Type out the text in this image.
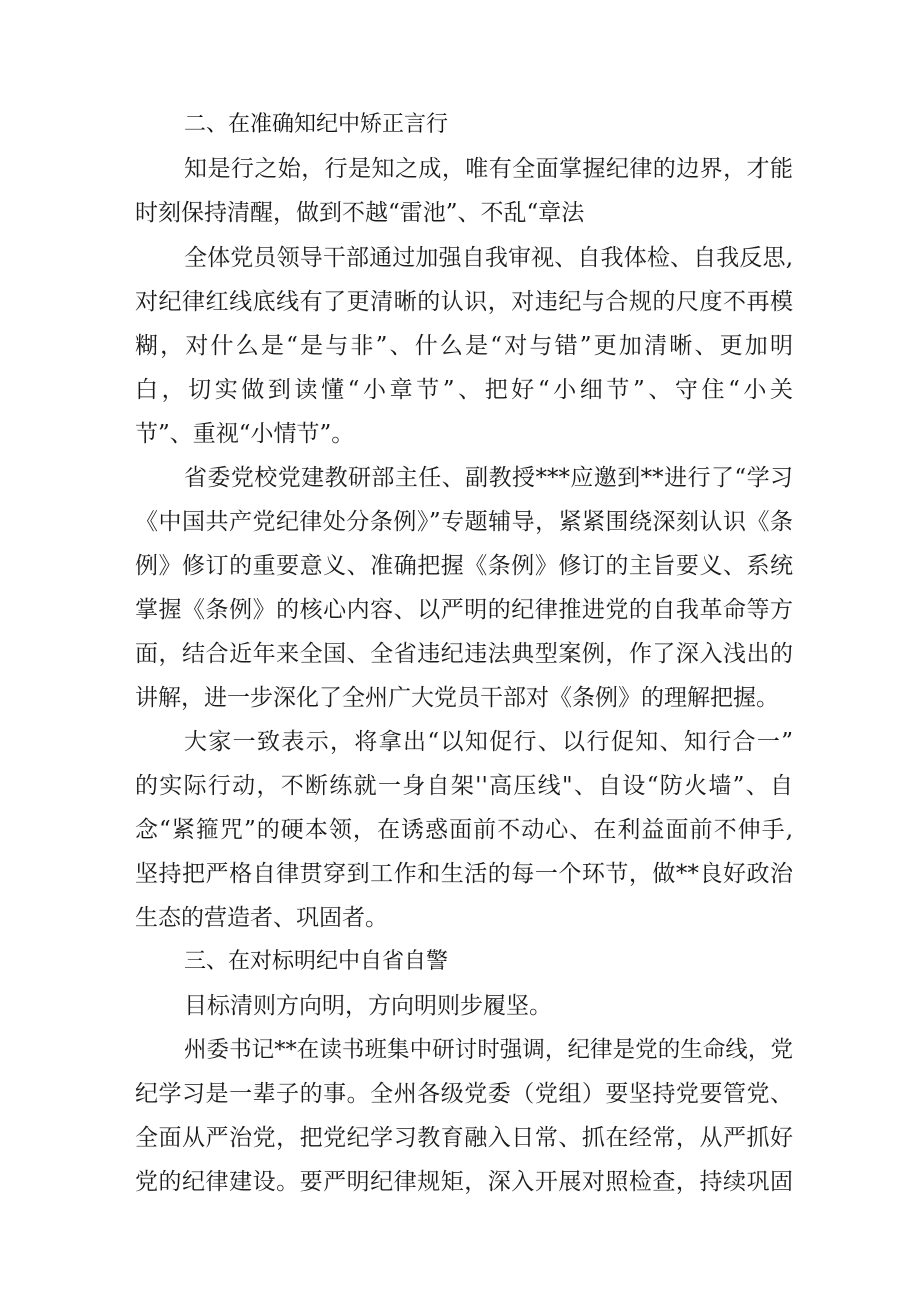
二、在准确知纪中矫正言行
知是行之始，行是知之成，唯有全面掌握纪律的边界，才能
时刻保持清醒，做到不越“雷池”、不乱“章法
全体党员领导干部通过加强自我审视、自我体检、自我反思,
对纪律红线底线有了更清晰的认识，对违纪与合规的尺度不再模
糊，对什么是“是与非”、什么是“对与错”更加清晰、更加明
白，切实做到读懂“小章节”、把好“小细节”、守住“小关
节”、重视“小情节”。
省委党校党建教研部主任、副教授***应邀到**进行了“学习
《中国共产党纪律处分条例》”专题辅导，紧紧围绕深刻认识《条
例》修订的重要意义、准确把握《条例》修订的主旨要义、系统
掌握《条例》的核心内容、以严明的纪律推进党的自我革命等方
面，结合近年来全国、全省违纪违法典型案例，作了深入浅出的
讲解，进一步深化了全州广大党员干部对《条例》的理解把握。
大家一致表示，将拿出“以知促行、以行促知、知行合一”
的实际行动，不断练就一身自架''高压线"、自设“防火墙”、自
念“紧箍咒”的硬本领，在诱惑面前不动心、在利益面前不伸手,
坚持把严格自律贯穿到工作和生活的每一个环节，做**良好政治
生态的营造者、巩固者。
三、在对标明纪中自省自警
目标清则方向明，方向明则步履坚。
州委书记**在读书班集中研讨时强调，纪律是党的生命线，党
纪学习是一辈子的事。全州各级党委（党组）要坚持党要管党、
全面从严治党，把党纪学习教育融入日常、抓在经常，从严抓好
党的纪律建设。要严明纪律规矩，深入开展对照检查，持续巩固
